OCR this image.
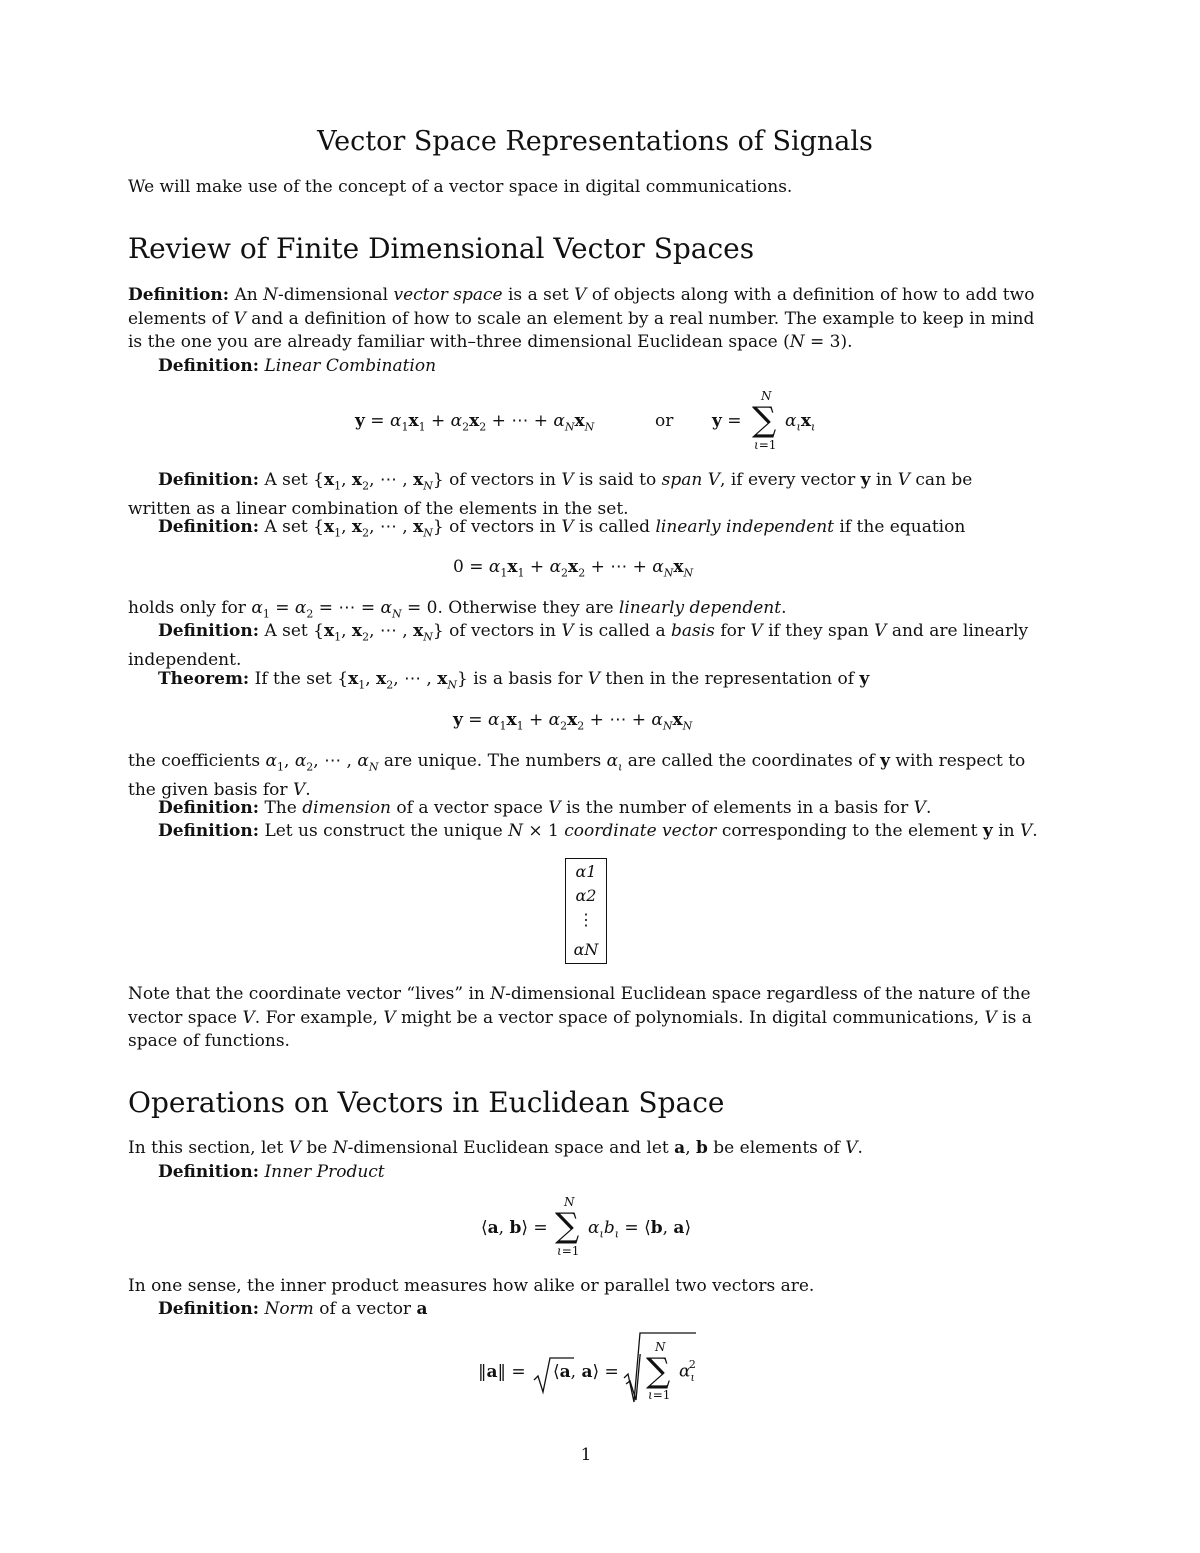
Vector Space Representations of Signals
We will make use of the concept of a vector space in digital communications.
Review of Finite Dimensional Vector Spaces
Definition: An N-dimensional vector space is a set V of objects along with a definition of how to add two
elements of V and a definition of how to scale an element by a real number. The example to keep in mind
is the one you are already familiar with–three dimensional Euclidean space (N = 3).
Definition: Linear Combination
$y = \alpha_1x_1 + \alpha_2x_2$ + ⋯ + $\alpha_Nx_N$	or y =
N
∑
ι=1
$\alpha_\iota x_\iota$
Definition: A set {$x_1$, $x_2$, ⋯ , $x_N$} of vectors in V is said to span V, if every vector y in V can be
written as a linear combination of the elements in the set.
Definition: A set {$x_1$, $x_2$, ⋯ , $x_N$} of vectors in V is called linearly independent if the equation
$0 = \alpha_1x_1 + \alpha_2x_2$ + ⋯ + $\alpha_Nx_N$
holds only for $\alpha_1 = \alpha_2$ = ⋯ = $\alpha_N = 0$. Otherwise they are linearly dependent.
Definition: A set {$x_1$, $x_2$, ⋯ , $x_N$} of vectors in V is called a basis for V if they span V and are linearly
independent.
Theorem: If the set {$x_1$, $x_2$, ⋯ , $x_N$} is a basis for V then in the representation of y
$y = \alpha_1x_1 + \alpha_2x_2$ + ⋯ + $\alpha_Nx_N$
the coefficients $\alpha_1$, $\alpha_2$, ⋯ , $\alpha_N$ are unique. The numbers $\alpha_\iota$ are called the coordinates of y with respect to
the given basis for V.
Definition: The dimension of a vector space V is the number of elements in a basis for V.
Definition: Let us construct the unique N × 1 coordinate vector corresponding to the element y in V.
α1
α2
⋮
αN
Note that the coordinate vector “lives” in N-dimensional Euclidean space regardless of the nature of the
vector space V. For example, V might be a vector space of polynomials. In digital communications, V is a
space of functions.
Operations on Vectors in Euclidean Space
In this section, let V be N-dimensional Euclidean space and let a, b be elements of V.
Definition: Inner Product
⟨a, b⟩ =
N
∑
ι=1
$\alpha_\iota b_\iota$ = ⟨b, a⟩
In one sense, the inner product measures how alike or parallel two vectors are.
Definition: Norm of a vector a
‖a‖ = ⟨a, a⟩ =
N
∑
ι=1
$\alpha_\iota^2$
1
